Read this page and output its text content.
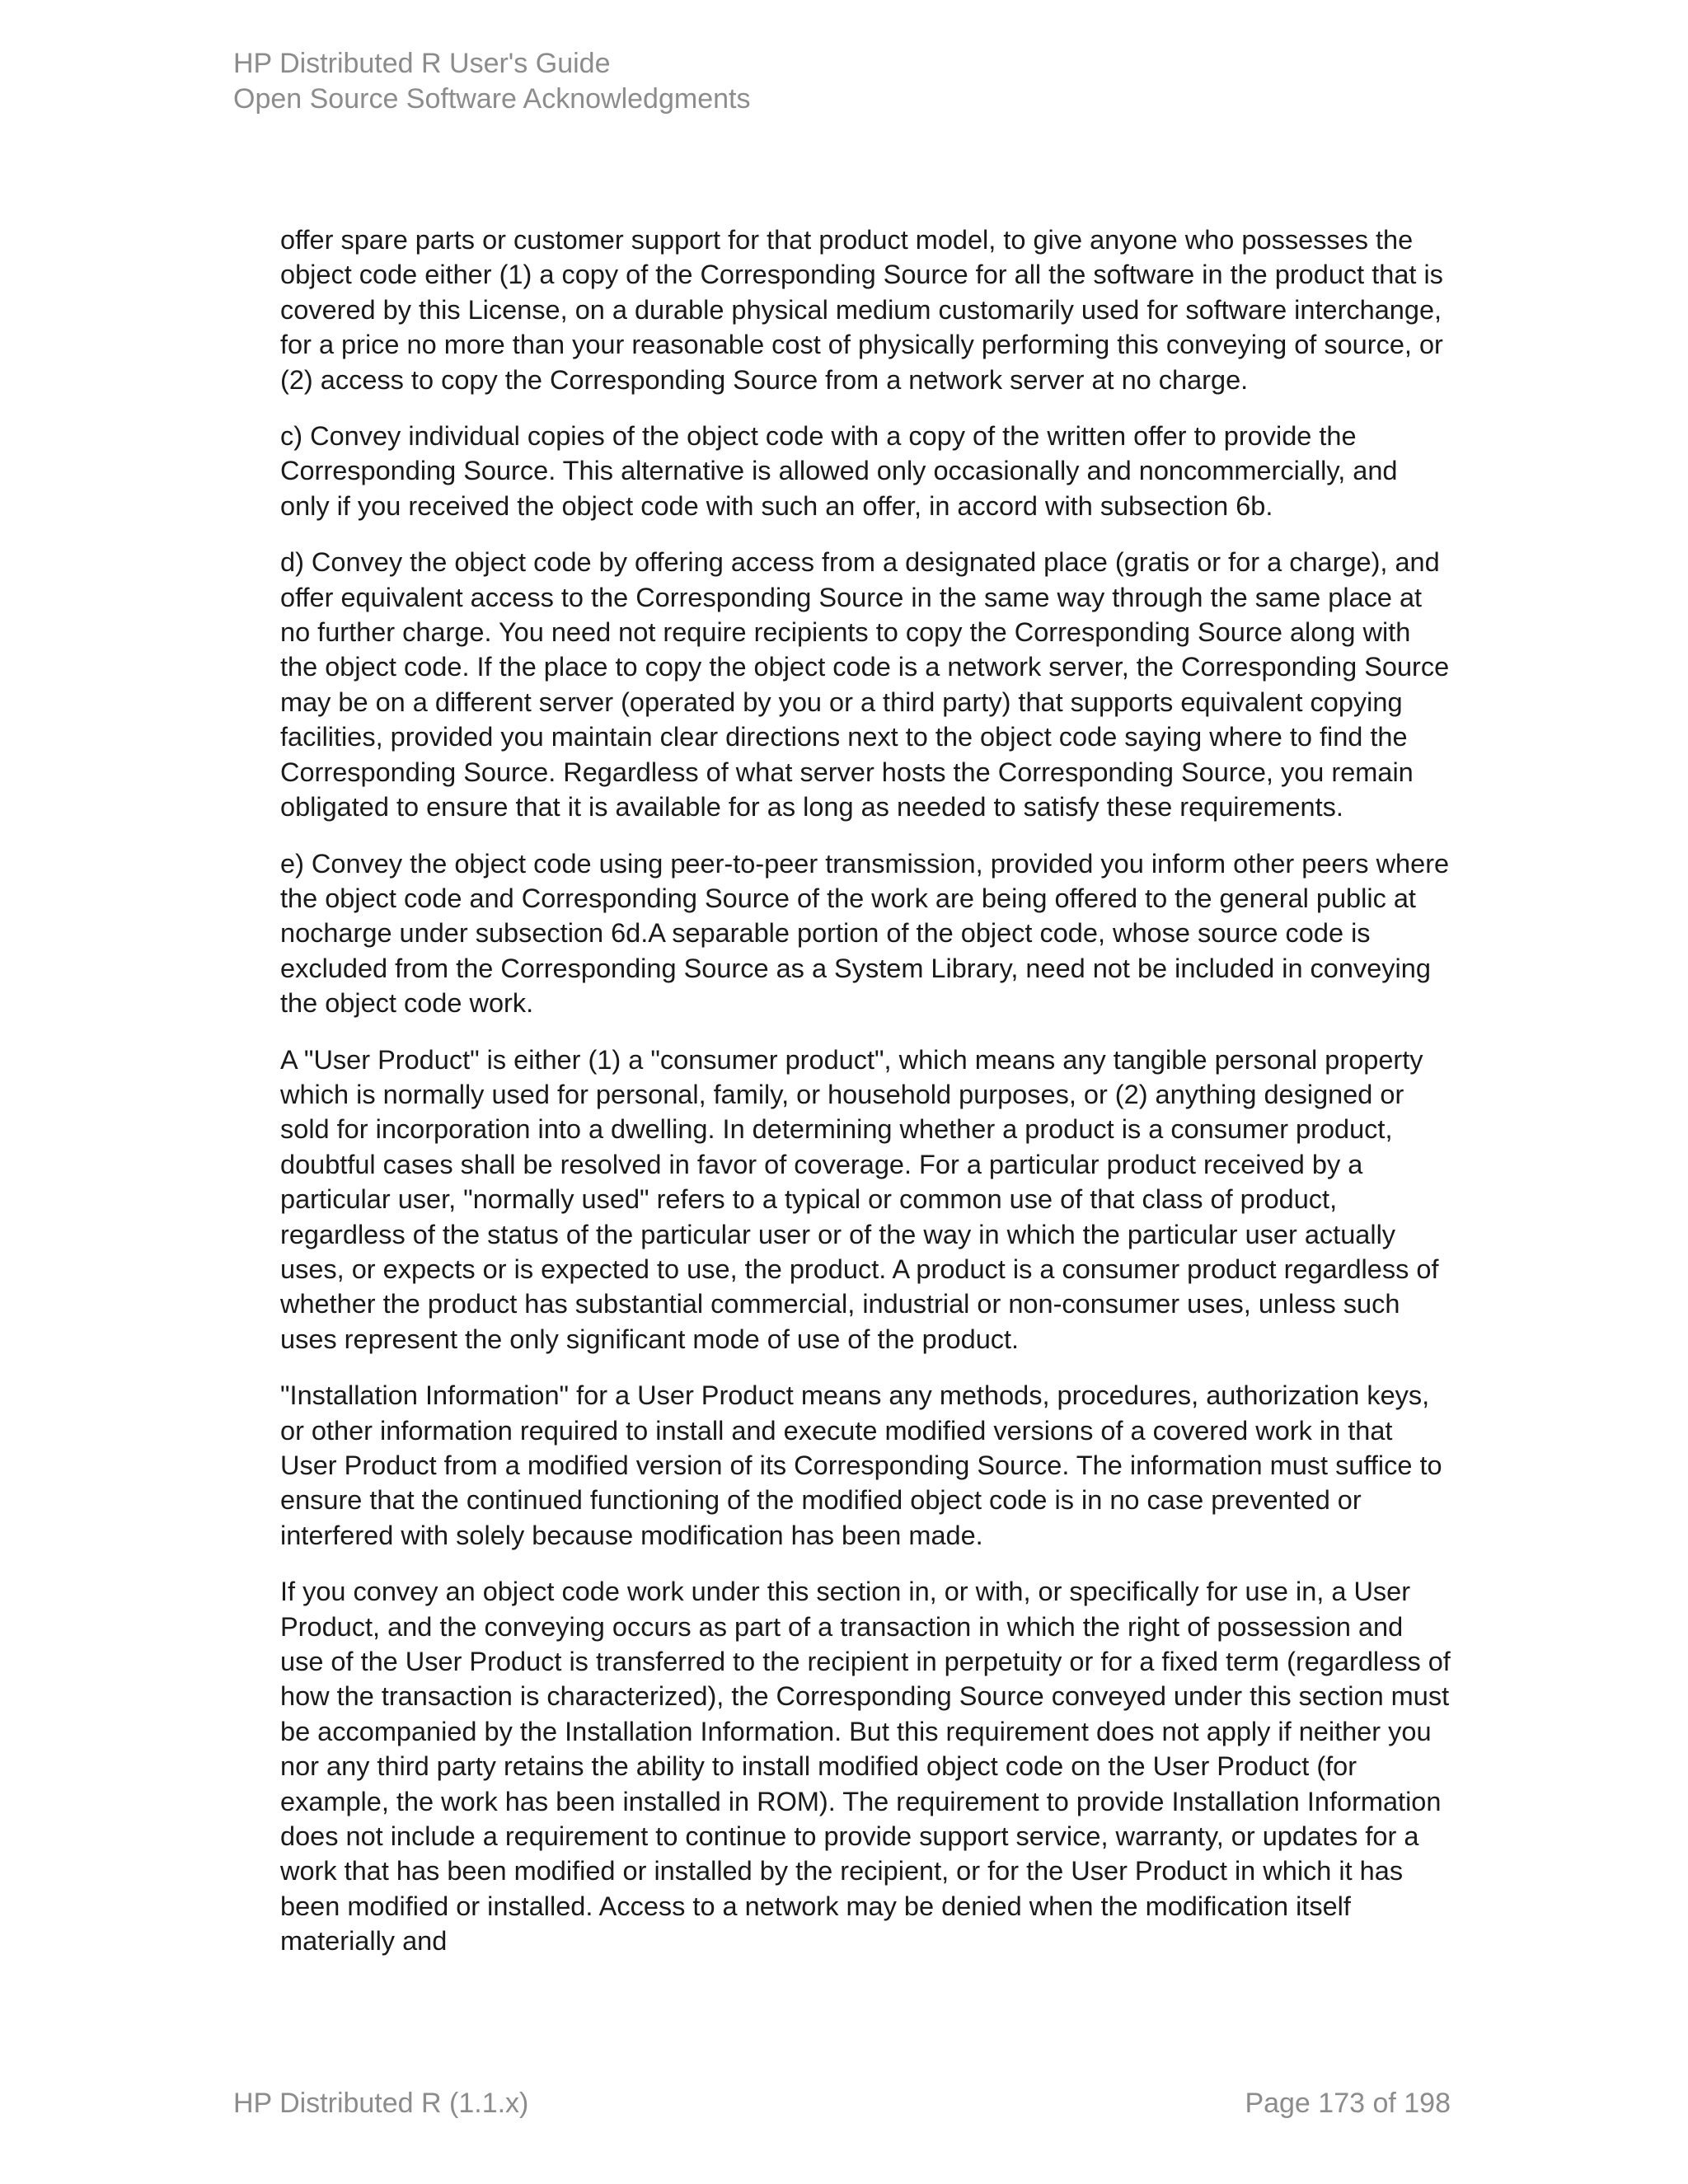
HP Distributed R User's Guide
Open Source Software Acknowledgments

offer spare parts or customer support for that product model, to give anyone who possesses the object code either (1) a copy of the Corresponding Source for all the software in the product that is covered by this License, on a durable physical medium customarily used for software interchange, for a price no more than your reasonable cost of physically performing this conveying of source, or (2) access to copy the Corresponding Source from a network server at no charge.

c) Convey individual copies of the object code with a copy of the written offer to provide the Corresponding Source. This alternative is allowed only occasionally and noncommercially, and only if you received the object code with such an offer, in accord with subsection 6b.

d) Convey the object code by offering access from a designated place (gratis or for a charge), and offer equivalent access to the Corresponding Source in the same way through the same place at no further charge. You need not require recipients to copy the Corresponding Source along with the object code. If the place to copy the object code is a network server, the Corresponding Source may be on a different server (operated by you or a third party) that supports equivalent copying facilities, provided you maintain clear directions next to the object code saying where to find the Corresponding Source. Regardless of what server hosts the Corresponding Source, you remain obligated to ensure that it is available for as long as needed to satisfy these requirements.

e) Convey the object code using peer-to-peer transmission, provided you inform other peers where the object code and Corresponding Source of the work are being offered to the general public at nocharge under subsection 6d.A separable portion of the object code, whose source code is excluded from the Corresponding Source as a System Library, need not be included in conveying the object code work.

A "User Product" is either (1) a "consumer product", which means any tangible personal property which is normally used for personal, family, or household purposes, or (2) anything designed or sold for incorporation into a dwelling. In determining whether a product is a consumer product, doubtful cases shall be resolved in favor of coverage. For a particular product received by a particular user, "normally used" refers to a typical or common use of that class of product, regardless of the status of the particular user or of the way in which the particular user actually uses, or expects or is expected to use, the product. A product is a consumer product regardless of whether the product has substantial commercial, industrial or non-consumer uses, unless such uses represent the only significant mode of use of the product.

"Installation Information" for a User Product means any methods, procedures, authorization keys, or other information required to install and execute modified versions of a covered work in that User Product from a modified version of its Corresponding Source. The information must suffice to ensure that the continued functioning of the modified object code is in no case prevented or interfered with solely because modification has been made.

If you convey an object code work under this section in, or with, or specifically for use in, a User Product, and the conveying occurs as part of a transaction in which the right of possession and use of the User Product is transferred to the recipient in perpetuity or for a fixed term (regardless of how the transaction is characterized), the Corresponding Source conveyed under this section must be accompanied by the Installation Information. But this requirement does not apply if neither you nor any third party retains the ability to install modified object code on the User Product (for example, the work has been installed in ROM). The requirement to provide Installation Information does not include a requirement to continue to provide support service, warranty, or updates for a work that has been modified or installed by the recipient, or for the User Product in which it has been modified or installed. Access to a network may be denied when the modification itself materially and

HP Distributed R (1.1.x)	Page 173 of 198
